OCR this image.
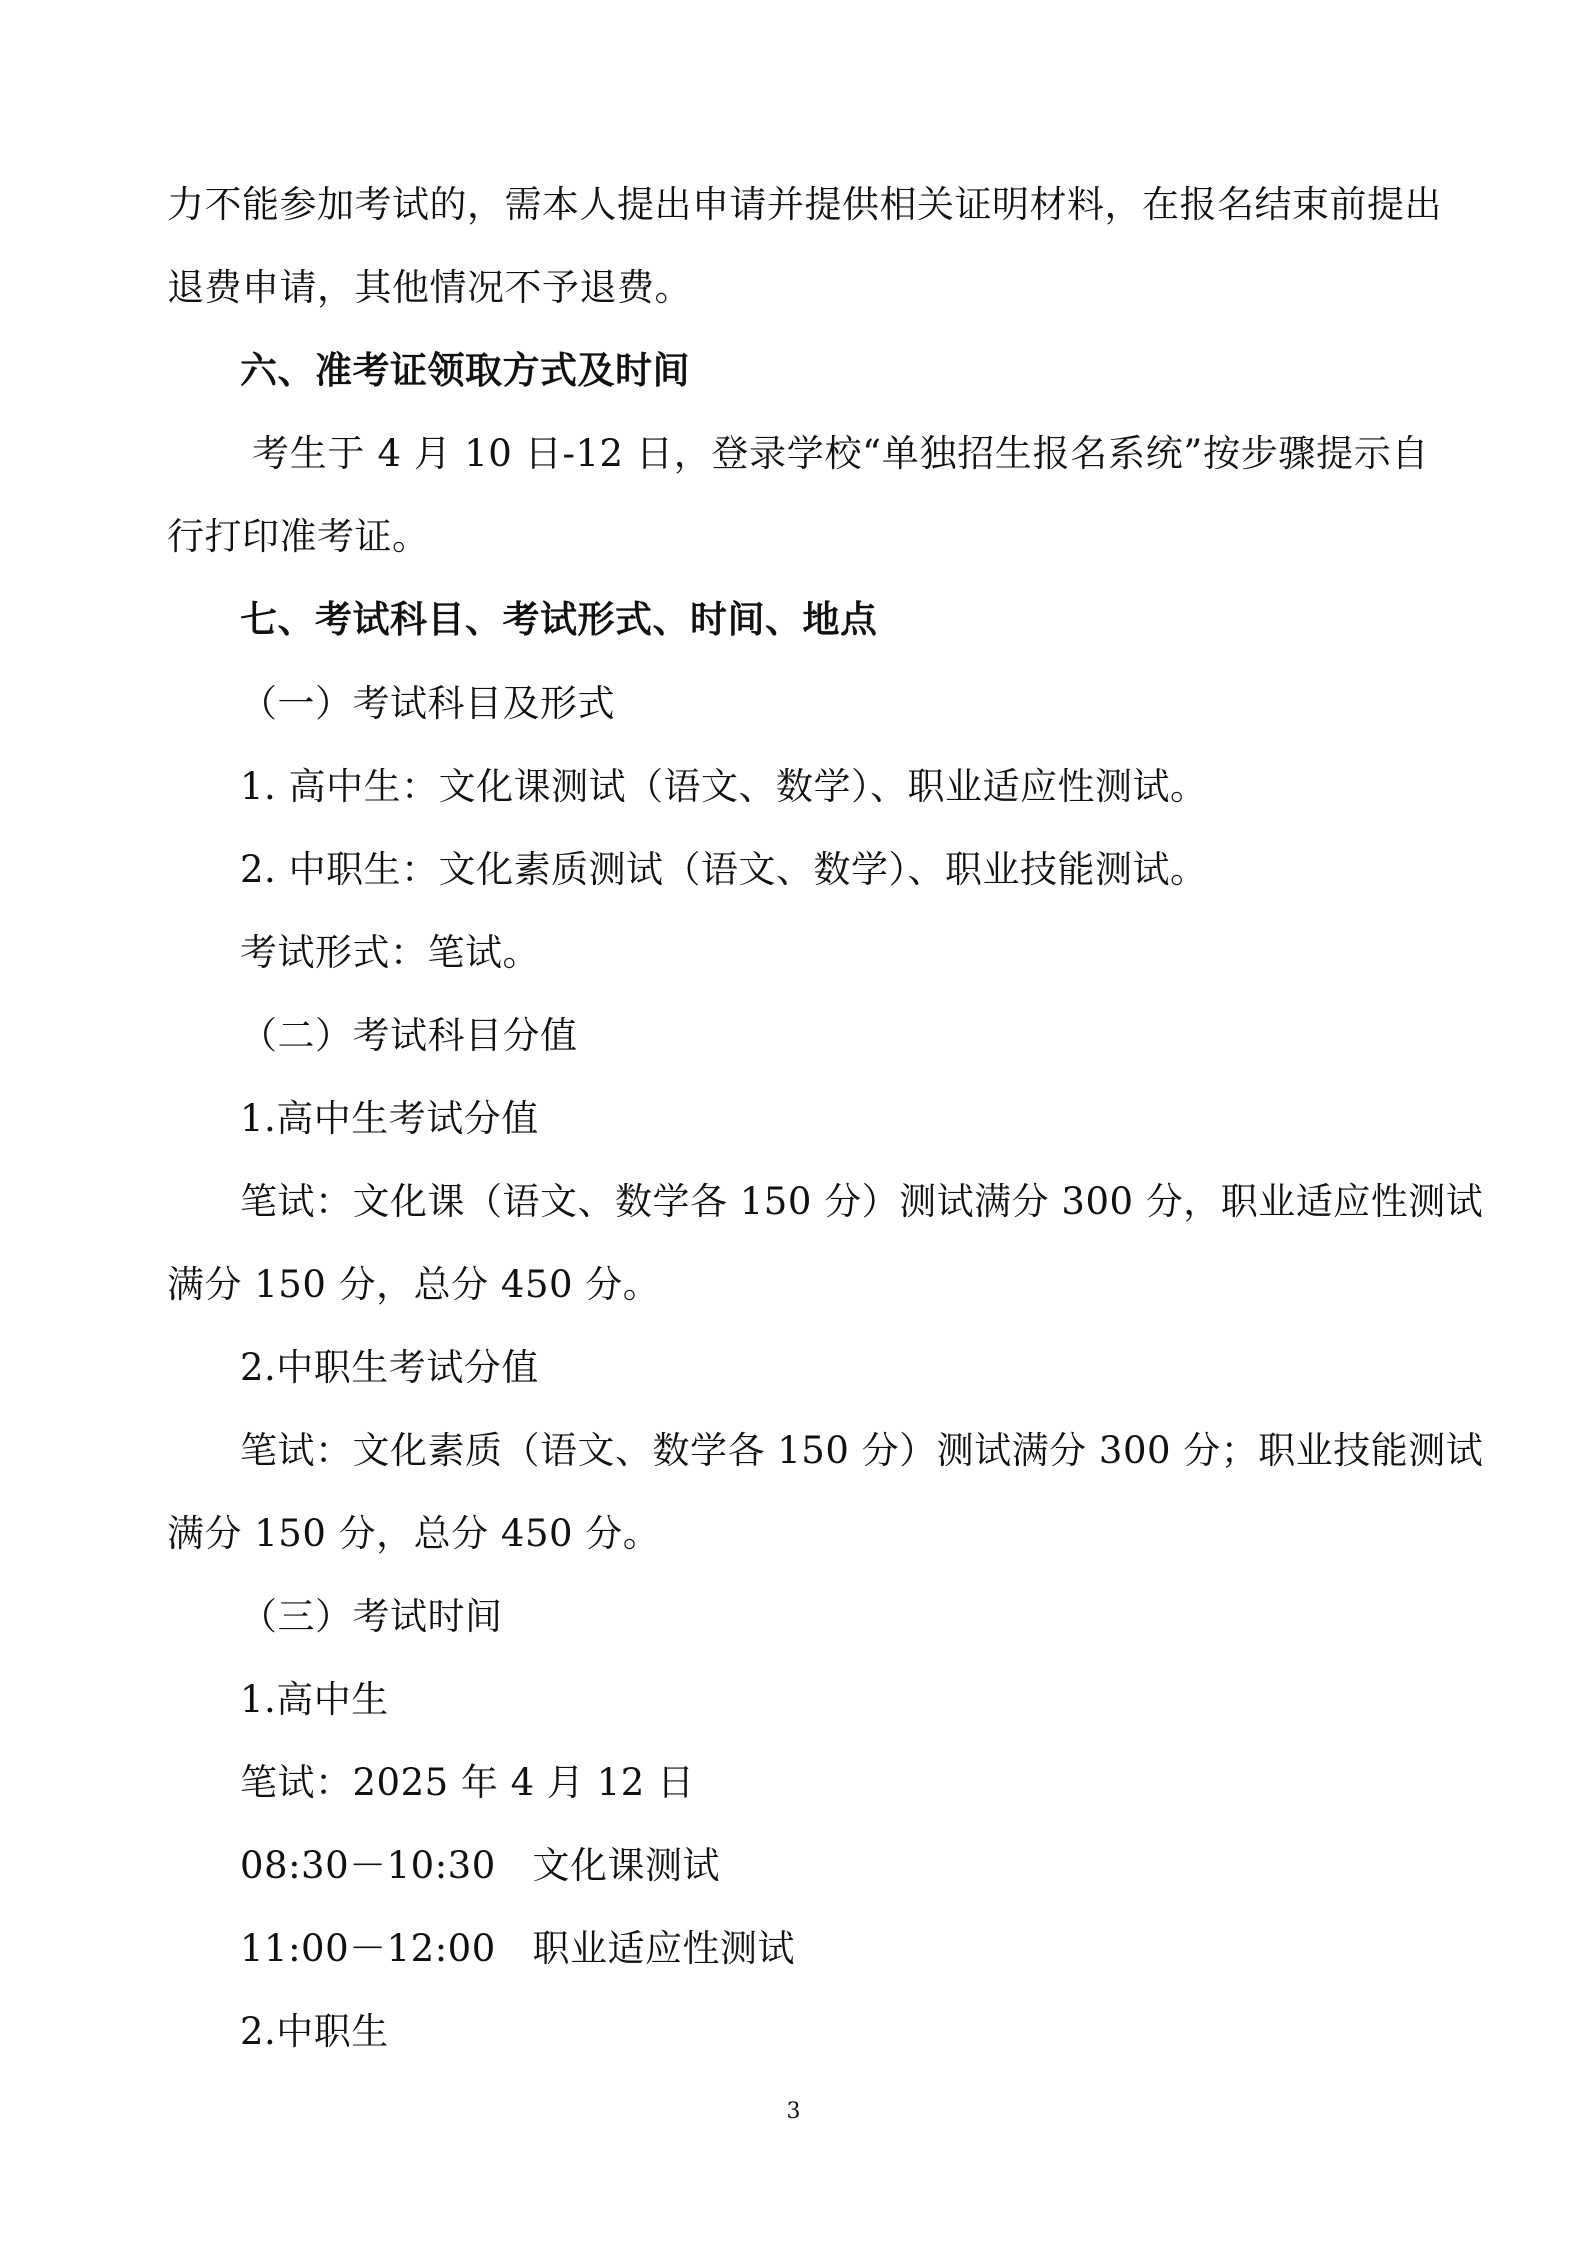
力不能参加考试的，需本人提出申请并提供相关证明材料，在报名结束前提出
退费申请，其他情况不予退费。
六、准考证领取方式及时间
考生于 4 月 10 日-12 日，登录学校“单独招生报名系统”按步骤提示自
行打印准考证。
七、考试科目、考试形式、时间、地点
（一）考试科目及形式
1. 高中生：文化课测试（语文、数学）、职业适应性测试。
2. 中职生：文化素质测试（语文、数学）、职业技能测试。
考试形式：笔试。
（二）考试科目分值
1.高中生考试分值
笔试：文化课（语文、数学各 150 分）测试满分 300 分，职业适应性测试
满分 150 分，总分 450 分。
2.中职生考试分值
笔试：文化素质（语文、数学各 150 分）测试满分 300 分；职业技能测试
满分 150 分，总分 450 分。
（三）考试时间
1.高中生
笔试：2025 年 4 月 12 日
08:30－10:30   文化课测试
11:00－12:00   职业适应性测试
2.中职生
3
